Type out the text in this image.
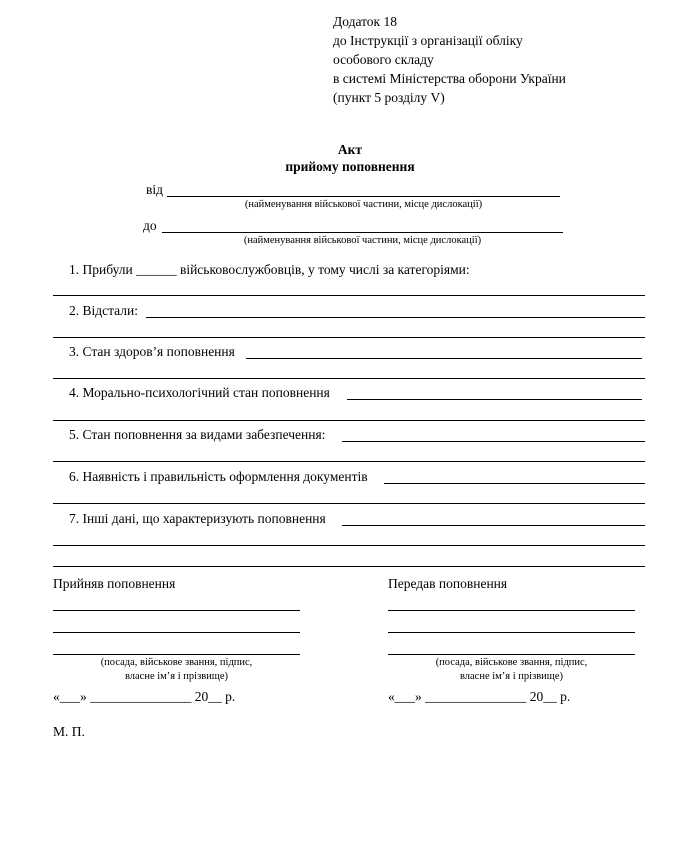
Додаток 18
до Інструкції з організації обліку
особового складу
в системі Міністерства оборони України
(пункт 5 розділу V)
Акт
прийому поповнення
від
(найменування військової частини, місце дислокації)
до
(найменування військової частини, місце дислокації)
1. Прибули ______ військовослужбовців, у тому числі за категоріями:
2. Відстали:
3. Стан здоров’я поповнення
4. Морально-психологічний стан поповнення
5. Стан поповнення за видами забезпечення:
6. Наявність і правильність оформлення документів
7. Інші дані, що характеризують поповнення
Прийняв поповнення
(посада, військове звання, підпис,
власне ім’я і прізвище)
«___» _______________ 20__ р.
Передав поповнення
(посада, військове звання, підпис,
власне ім’я і прізвище)
«___» _______________ 20__ р.
М. П.
